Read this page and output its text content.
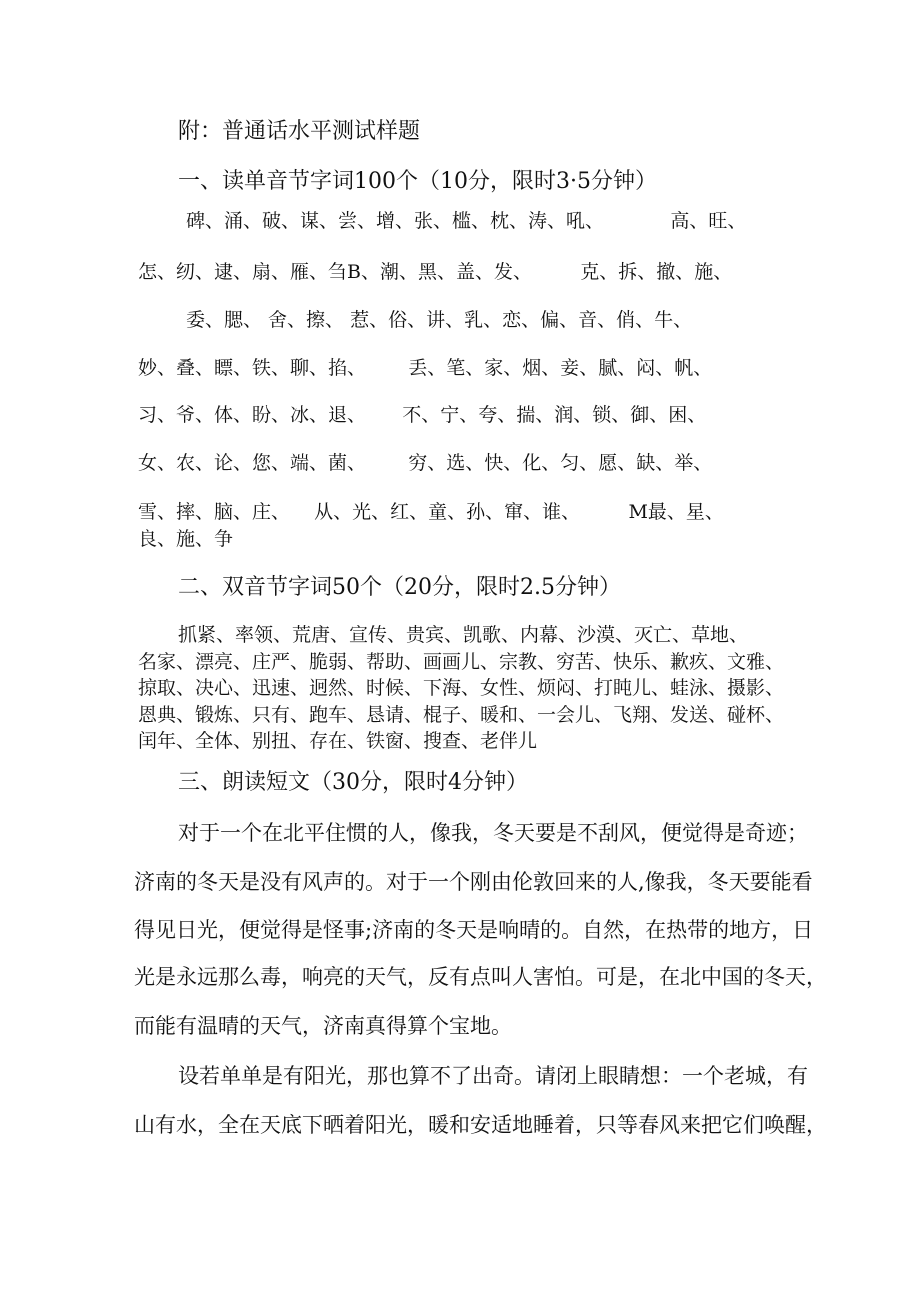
附：普通话水平测试样题

一、读单音节字词100个（10分，限时3·5分钟）

碑、涌、破、谋、尝、增、张、槛、枕、涛、吼、           高、旺、

怎、纫、逮、扇、雁、刍B、潮、黑、盖、发、        克、拆、撤、施、

委、腮、 舍、擦、 惹、俗、讲、乳、恋、偏、音、俏、牛、

妙、叠、瞟、铁、聊、掐、       丢、笔、家、烟、妾、腻、闷、帆、

习、爷、体、盼、冰、退、      不、宁、夸、揣、润、锁、御、困、

女、农、论、您、端、菌、       穷、选、快、化、匀、愿、缺、举、

雪、摔、脑、庄、    从、光、红、童、孙、窜、谁、        M最、星、

良、施、争

二、双音节字词50个（20分，限时2.5分钟）

抓紧、率领、荒唐、宣传、贵宾、凯歌、内幕、沙漠、灭亡、草地、

名家、漂亮、庄严、脆弱、帮助、画画儿、宗教、穷苦、快乐、歉疚、文雅、

掠取、决心、迅速、迥然、时候、下海、女性、烦闷、打盹儿、蛙泳、摄影、

恩典、锻炼、只有、跑车、恳请、棍子、暖和、一会儿、飞翔、发送、碰杯、

闰年、全体、别扭、存在、铁窗、搜查、老伴儿

三、朗读短文（30分，限时4分钟）

对于一个在北平住惯的人，像我，冬天要是不刮风，便觉得是奇迹；

济南的冬天是没有风声的。对于一个刚由伦敦回来的人,像我，冬天要能看

得见日光，便觉得是怪事;济南的冬天是响晴的。自然，在热带的地方，日

光是永远那么毒，响亮的天气，反有点叫人害怕。可是，在北中国的冬天，

而能有温晴的天气，济南真得算个宝地。

设若单单是有阳光，那也算不了出奇。请闭上眼睛想：一个老城，有

山有水，全在天底下晒着阳光，暖和安适地睡着，只等春风来把它们唤醒，
